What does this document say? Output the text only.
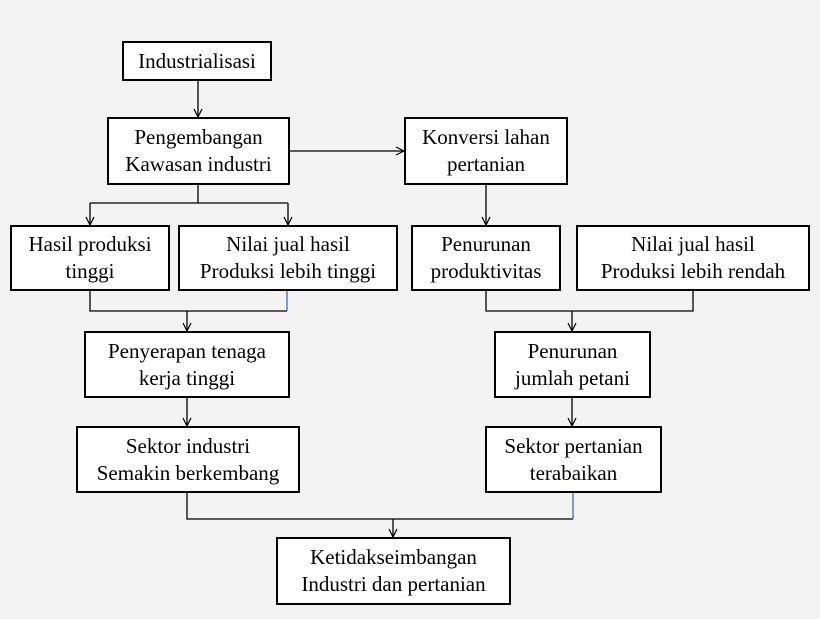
Industrialisasi
Pengembangan
Kawasan industri
Konversi lahan
pertanian
Hasil produksi
tinggi
Nilai jual hasil
Produksi lebih tinggi
Penurunan
produktivitas
Nilai jual hasil
Produksi lebih rendah
Penyerapan tenaga
kerja tinggi
Penurunan
jumlah petani
Sektor industri
Semakin berkembang
Sektor pertanian
terabaikan
Ketidakseimbangan
Industri dan pertanian
